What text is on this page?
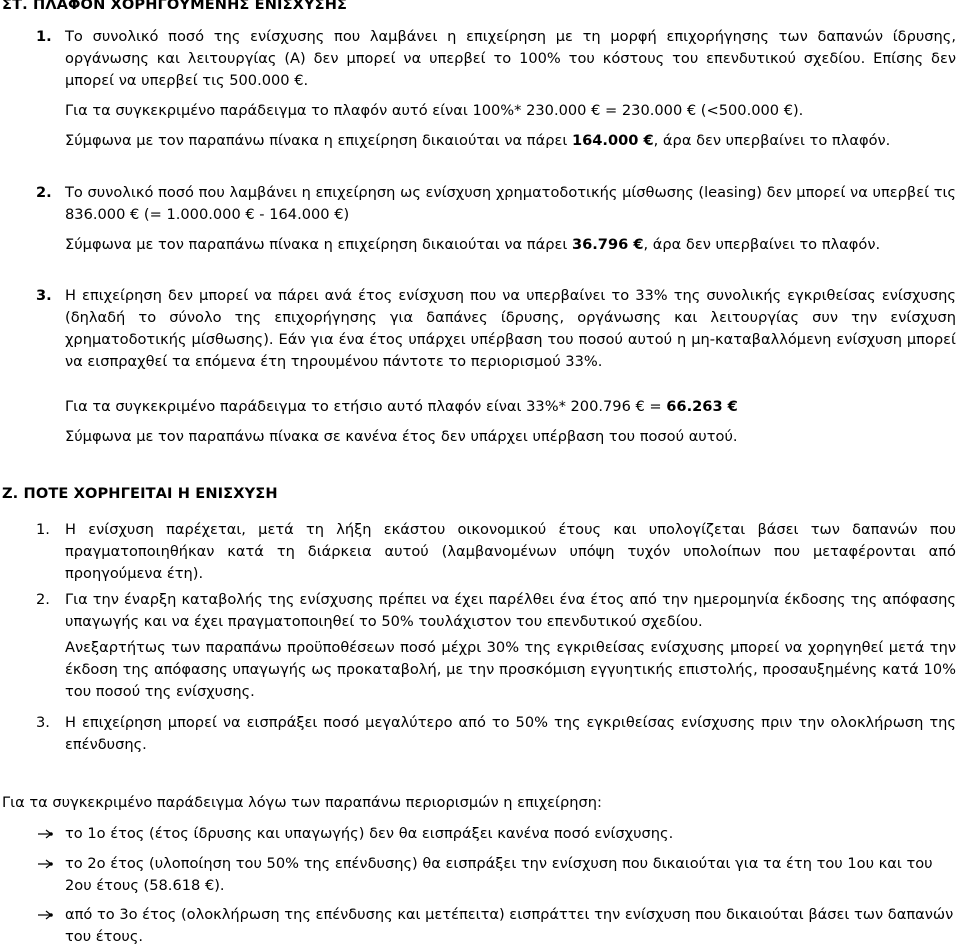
ΣΤ. ΠΛΑΦΟΝ ΧΟΡΗΓΟΥΜΕΝΗΣ ΕΝΙΣΧΥΣΗΣ
1. Το συνολικό ποσό της ενίσχυσης που λαμβάνει η επιχείρηση με τη μορφή επιχορήγησης των δαπανών ίδρυσης, οργάνωσης και λειτουργίας (Α) δεν μπορεί να υπερβεί το 100% του κόστους του επενδυτικού σχεδίου. Επίσης δεν μπορεί να υπερβεί τις 500.000 €.
Για τα συγκεκριμένο παράδειγμα το πλαφόν αυτό είναι 100%* 230.000 € = 230.000 € (<500.000 €).
Σύμφωνα με τον παραπάνω πίνακα η επιχείρηση δικαιούται να πάρει 164.000 €, άρα δεν υπερβαίνει το πλαφόν.
2. Το συνολικό ποσό που λαμβάνει η επιχείρηση ως ενίσχυση χρηματοδοτικής μίσθωσης (leasing) δεν μπορεί να υπερβεί τις 836.000 € (= 1.000.000 € - 164.000 €)
Σύμφωνα με τον παραπάνω πίνακα η επιχείρηση δικαιούται να πάρει 36.796 €, άρα δεν υπερβαίνει το πλαφόν.
3. Η επιχείρηση δεν μπορεί να πάρει ανά έτος ενίσχυση που να υπερβαίνει το 33% της συνολικής εγκριθείσας ενίσχυσης (δηλαδή το σύνολο της επιχορήγησης για δαπάνες ίδρυσης, οργάνωσης και λειτουργίας συν την ενίσχυση χρηματοδοτικής μίσθωσης). Εάν για ένα έτος υπάρχει υπέρβαση του ποσού αυτού η μη-καταβαλλόμενη ενίσχυση μπορεί να εισπραχθεί τα επόμενα έτη τηρουμένου πάντοτε το περιορισμού 33%.
Για τα συγκεκριμένο παράδειγμα το ετήσιο αυτό πλαφόν είναι 33%* 200.796 € = 66.263 €
Σύμφωνα με τον παραπάνω πίνακα σε κανένα έτος δεν υπάρχει υπέρβαση του ποσού αυτού.
Ζ. ΠΟΤΕ ΧΟΡΗΓΕΙΤΑΙ Η ΕΝΙΣΧΥΣΗ
1. Η ενίσχυση παρέχεται, μετά τη λήξη εκάστου οικονομικού έτους και υπολογίζεται βάσει των δαπανών που πραγματοποιηθήκαν κατά τη διάρκεια αυτού (λαμβανομένων υπόψη τυχόν υπολοίπων που μεταφέρονται από προηγούμενα έτη).
2. Για την έναρξη καταβολής της ενίσχυσης πρέπει να έχει παρέλθει ένα έτος από την ημερομηνία έκδοσης της απόφασης υπαγωγής και να έχει πραγματοποιηθεί το 50% τουλάχιστον του επενδυτικού σχεδίου.
Ανεξαρτήτως των παραπάνω προϋποθέσεων ποσό μέχρι 30% της εγκριθείσας ενίσχυσης μπορεί να χορηγηθεί μετά την έκδοση της απόφασης υπαγωγής ως προκαταβολή, με την προσκόμιση εγγυητικής επιστολής, προσαυξημένης κατά 10% του ποσού της ενίσχυσης.
3. Η επιχείρηση μπορεί να εισπράξει ποσό μεγαλύτερο από το 50% της εγκριθείσας ενίσχυσης πριν την ολοκλήρωση της επένδυσης.
Για τα συγκεκριμένο παράδειγμα λόγω των παραπάνω περιορισμών η επιχείρηση:
το 1ο έτος (έτος ίδρυσης και υπαγωγής) δεν θα εισπράξει κανένα ποσό ενίσχυσης.
το 2ο έτος (υλοποίηση του 50% της επένδυσης) θα εισπράξει την ενίσχυση που δικαιούται για τα έτη του 1ου και του 2ου έτους (58.618 €).
από το 3ο έτος (ολοκλήρωση της επένδυσης και μετέπειτα) εισπράττει την ενίσχυση που δικαιούται βάσει των δαπανών του έτους.
